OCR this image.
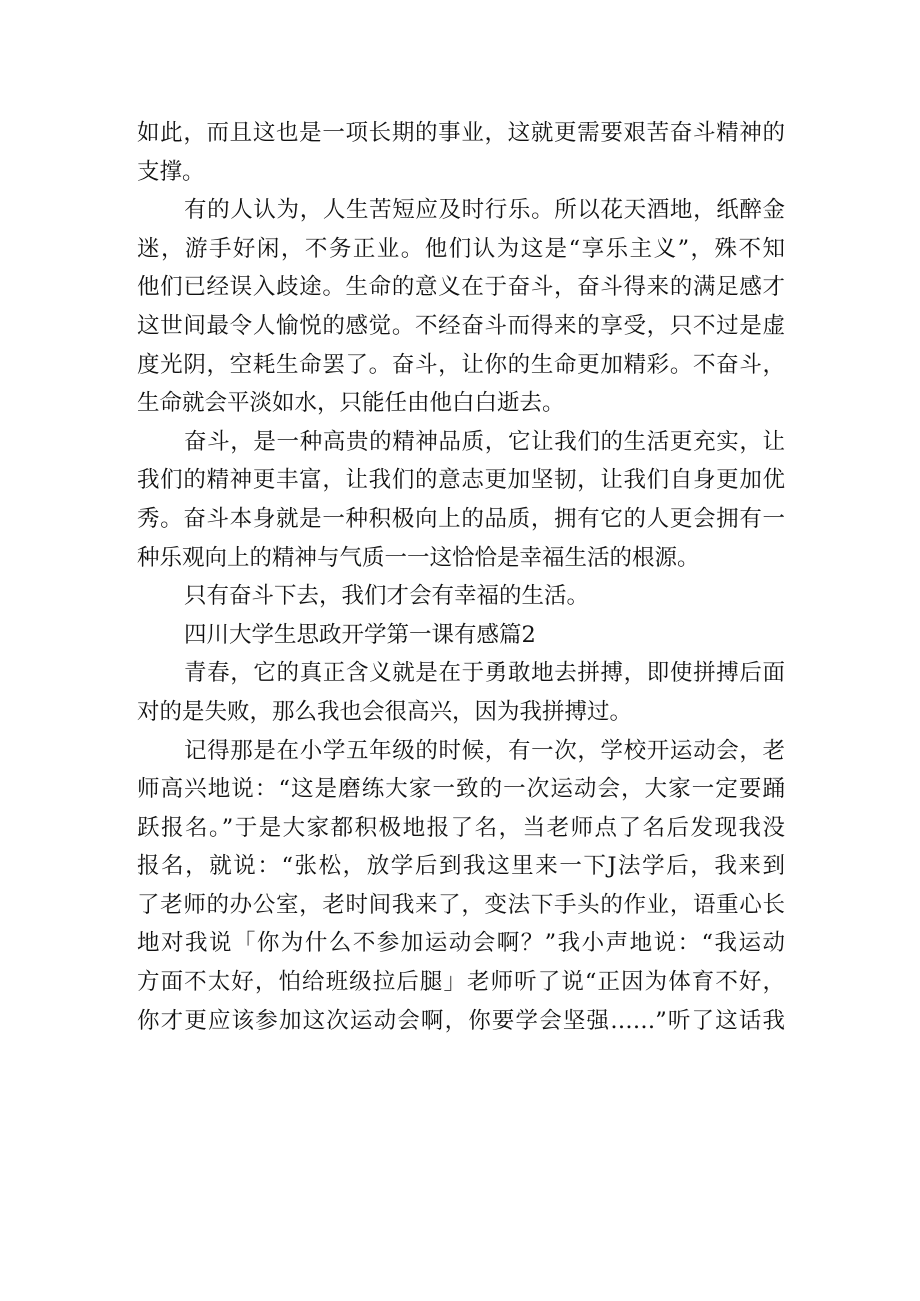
如此，而且这也是一项长期的事业，这就更需要艰苦奋斗精神的
支撑。
有的人认为，人生苦短应及时行乐。所以花天酒地，纸醉金
迷，游手好闲，不务正业。他们认为这是“享乐主义”，殊不知
他们已经误入歧途。生命的意义在于奋斗，奋斗得来的满足感才
这世间最令人愉悦的感觉。不经奋斗而得来的享受，只不过是虚
度光阴，空耗生命罢了。奋斗，让你的生命更加精彩。不奋斗，
生命就会平淡如水，只能任由他白白逝去。
奋斗，是一种高贵的精神品质，它让我们的生活更充实，让
我们的精神更丰富，让我们的意志更加坚韧，让我们自身更加优
秀。奋斗本身就是一种积极向上的品质，拥有它的人更会拥有一
种乐观向上的精神与气质一一这恰恰是幸福生活的根源。
只有奋斗下去，我们才会有幸福的生活。
四川大学生思政开学第一课有感篇2
青春，它的真正含义就是在于勇敢地去拼搏，即使拼搏后面
对的是失败，那么我也会很高兴，因为我拼搏过。
记得那是在小学五年级的时候，有一次，学校开运动会，老
师高兴地说：“这是磨练大家一致的一次运动会，大家一定要踊
跃报名。”于是大家都积极地报了名，当老师点了名后发现我没
报名，就说：“张松，放学后到我这里来一下J法学后，我来到
了老师的办公室，老时间我来了，变法下手头的作业，语重心长
地对我说「你为什么不参加运动会啊？”我小声地说：“我运动
方面不太好，怕给班级拉后腿」老师听了说“正因为体育不好，
你才更应该参加这次运动会啊，你要学会坚强……”听了这话我
